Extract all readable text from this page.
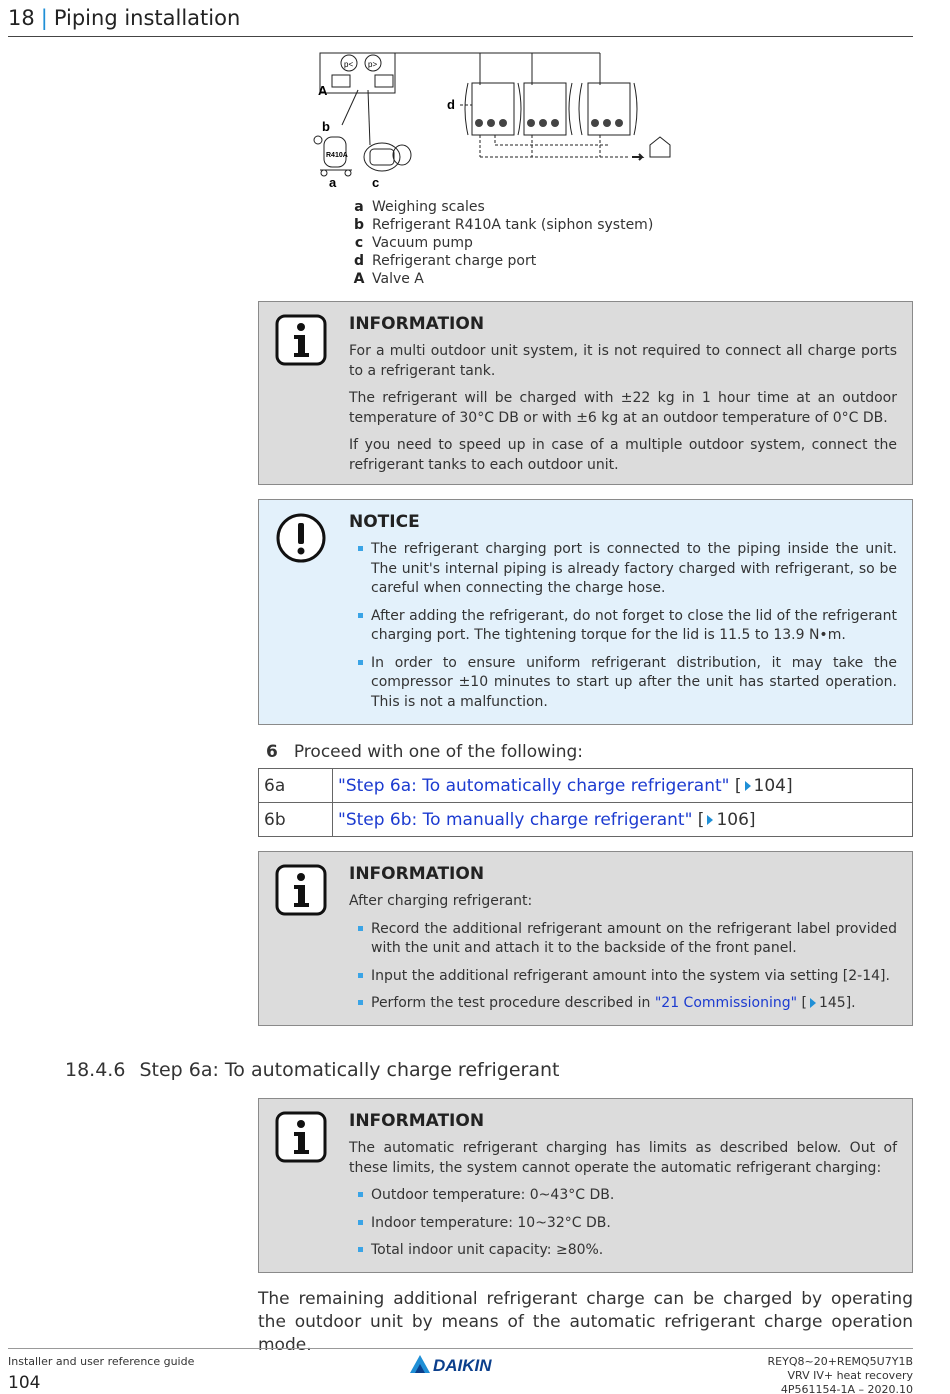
18 | Piping installation
p< p>
R410A
A
b
a	c
d
a Weighing scales
b Refrigerant R410A tank (siphon system)
c Vacuum pump
d Refrigerant charge port
A Valve A
INFORMATION

For a multi outdoor unit system, it is not required to connect all charge ports to a refrigerant tank.

The refrigerant will be charged with ±22 kg in 1 hour time at an outdoor temperature of 30°C DB or with ±6 kg at an outdoor temperature of 0°C DB.

If you need to speed up in case of a multiple outdoor system, connect the refrigerant tanks to each outdoor unit.

NOTICE
The refrigerant charging port is connected to the piping inside the unit. The unit's internal piping is already factory charged with refrigerant, so be careful when connecting the charge hose.
After adding the refrigerant, do not forget to close the lid of the refrigerant charging port. The tightening torque for the lid is 11.5 to 13.9 N•m.
In order to ensure uniform refrigerant distribution, it may take the compressor ±10 minutes to start up after the unit has started operation. This is not a malfunction.
6 Proceed with one of the following:
6a	"Step 6a: To automatically charge refrigerant" [ 104]
6b	"Step 6b: To manually charge refrigerant" [ 106]
INFORMATION

After charging refrigerant:

Record the additional refrigerant amount on the refrigerant label provided with the unit and attach it to the backside of the front panel.
Input the additional refrigerant amount into the system via setting [2-14].
Perform the test procedure described in "21 Commissioning" [ 145].
18.4.6 Step 6a: To automatically charge refrigerant
INFORMATION

The automatic refrigerant charging has limits as described below. Out of these limits, the system cannot operate the automatic refrigerant charging:

Outdoor temperature: 0~43°C DB.
Indoor temperature: 10~32°C DB.
Total indoor unit capacity: ≥80%.
The remaining additional refrigerant charge can be charged by operating the outdoor unit by means of the automatic refrigerant charge operation mode.
Installer and user reference guide
104
DAIKIN	REYQ8~20+REMQ5U7Y1B
VRV IV+ heat recovery
4P561154-1A – 2020.10
